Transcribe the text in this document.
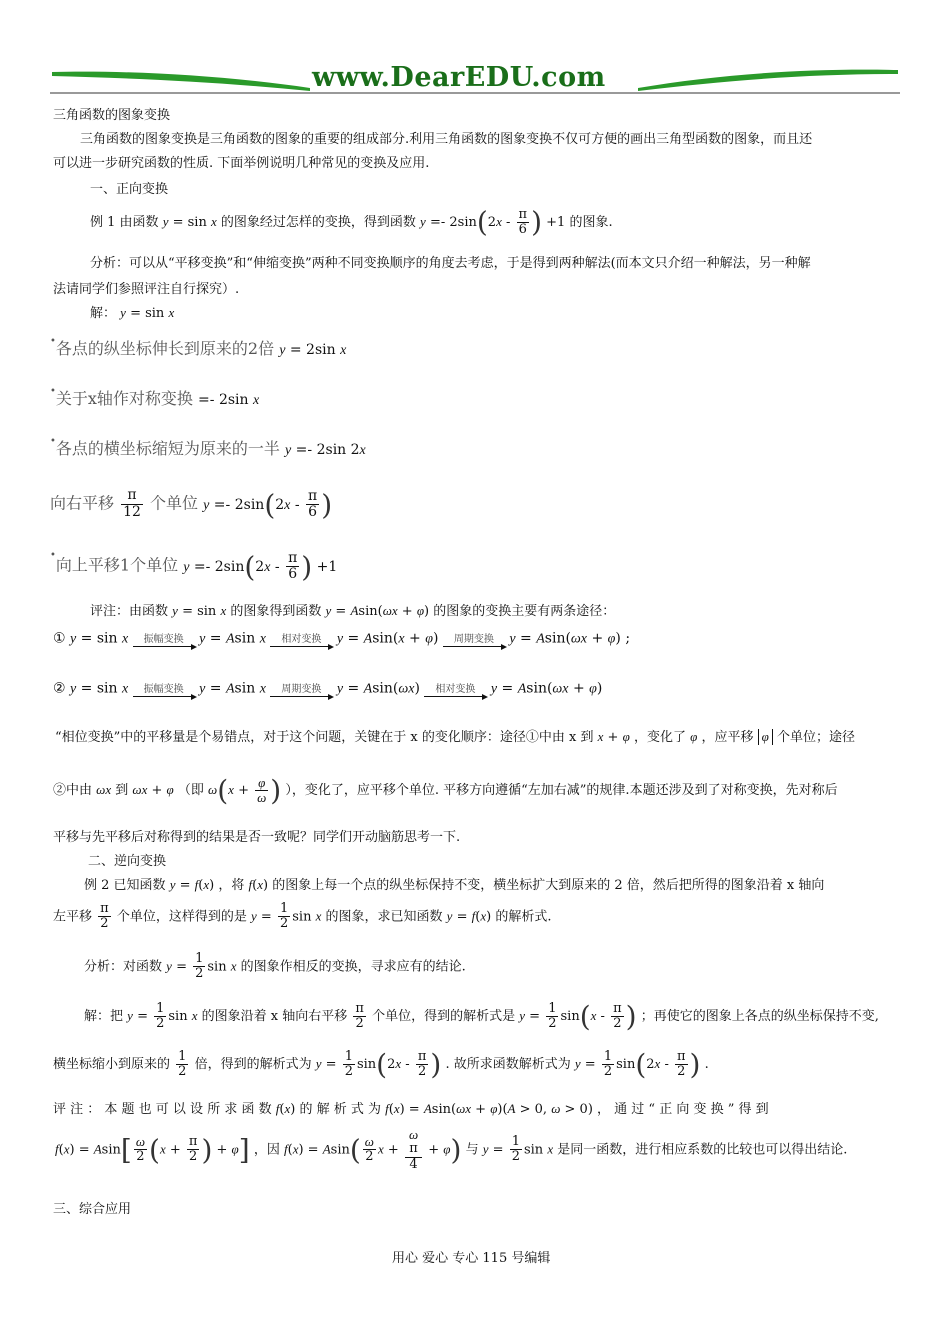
www.DearEDU.com
三角函数的图象变换
三角函数的图象变换是三角函数的图象的重要的组成部分.利用三角函数的图象变换不仅可方便的画出三角型函数的图象，而且还
可以进一步研究函数的性质. 下面举例说明几种常见的变换及应用.
一、正向变换
例 1 由函数 y = sin x 的图象经过怎样的变换，得到函数 $y =- 2\sin(2x - \frac{\pi}{6}$ ) +1 的图象.
分析：可以从“平移变换”和“伸缩变换”两种不同变换顺序的角度去考虑，于是得到两种解法(而本文只介绍一种解法，另一种解
法请同学们参照评注自行探究）.
解： y = sin x
•各点的纵坐标伸长到原来的2倍 y = 2sin x
•关于x轴作对称变换 =- 2sin x
•各点的横坐标缩短为原来的一半 y =- 2sin 2x
向右平移 $\frac{\pi}{12}$ 个单位 $y =- 2\sin(2x - \frac{\pi}{6}$ )
•向上平移1个单位 $y =- 2\sin(2x - \frac{\pi}{6}$ ) +1
评注：由函数 y = sin x 的图象得到函数 y = Asin(ωx + φ) 的图象的变换主要有两条途径：
① y = sin x 振幅变换 y = Asin x 相对变换 y = Asin(x + φ) 周期变换 y = Asin(ωx + φ) ;
② y = sin x 振幅变换 y = Asin x 周期变换 y = Asin(ωx) 相对变换 y = Asin(ωx + φ)
“相位变换”中的平移量是个易错点，对于这个问题，关键在于 x 的变化顺序：途径①中由 x 到 x + φ ，变化了 φ ，应平移 φ 个单位；途径
②中由 ωx 到 ωx + φ （即 $\omega(x + \frac{\varphi}{\omega}$ ) ），变化了，应平移个单位. 平移方向遵循“左加右减”的规律.本题还涉及到了对称变换，先对称后
平移与先平移后对称得到的结果是否一致呢？同学们开动脑筋思考一下.
二、逆向变换
例 2 已知函数 y = f(x) ，将 f(x) 的图象上每一个点的纵坐标保持不变，横坐标扩大到原来的 2 倍，然后把所得的图象沿着 x 轴向
左平移 $\frac{\pi}{2}$ 个单位，这样得到的是 $y = \frac{1}{2}$ sin x 的图象，求已知函数 y = f(x) 的解析式.
分析：对函数 $y = \frac{1}{2}$ sin x 的图象作相反的变换，寻求应有的结论.
解：把 $y = \frac{1}{2}$ sin x 的图象沿着 x 轴向右平移 $\frac{\pi}{2}$ 个单位，得到的解析式是 $y = \frac{1}{2} \sin(x - \frac{\pi}{2}$ ) ；再使它的图象上各点的纵坐标保持不变,
横坐标缩小到原来的 $\frac{1}{2}$ 倍，得到的解析式为 $y = \frac{1}{2} \sin(2x - \frac{\pi}{2}$ ) . 故所求函数解析式为 $y = \frac{1}{2} \sin(2x - \frac{\pi}{2}$ ) .
评 注 ： 本 题 也 可 以 设 所 求 函 数 f(x) 的 解 析 式 为 f(x) = Asin(ωx + φ)(A > 0, ω > 0) ， 通 过 “ 正 向 变 换 ” 得 到
$f(x) = Asin[ \frac{\omega}{2} (x + \frac{\pi}{2}$ ) + φ] ，因 $f(x) = Asin( \frac{\omega}{2}$ x + ω
π
4 + φ) 与 $y = \frac{1}{2}$ sin x 是同一函数，进行相应系数的比较也可以得出结论.
三、综合应用
用心 爱心 专心 115 号编辑
